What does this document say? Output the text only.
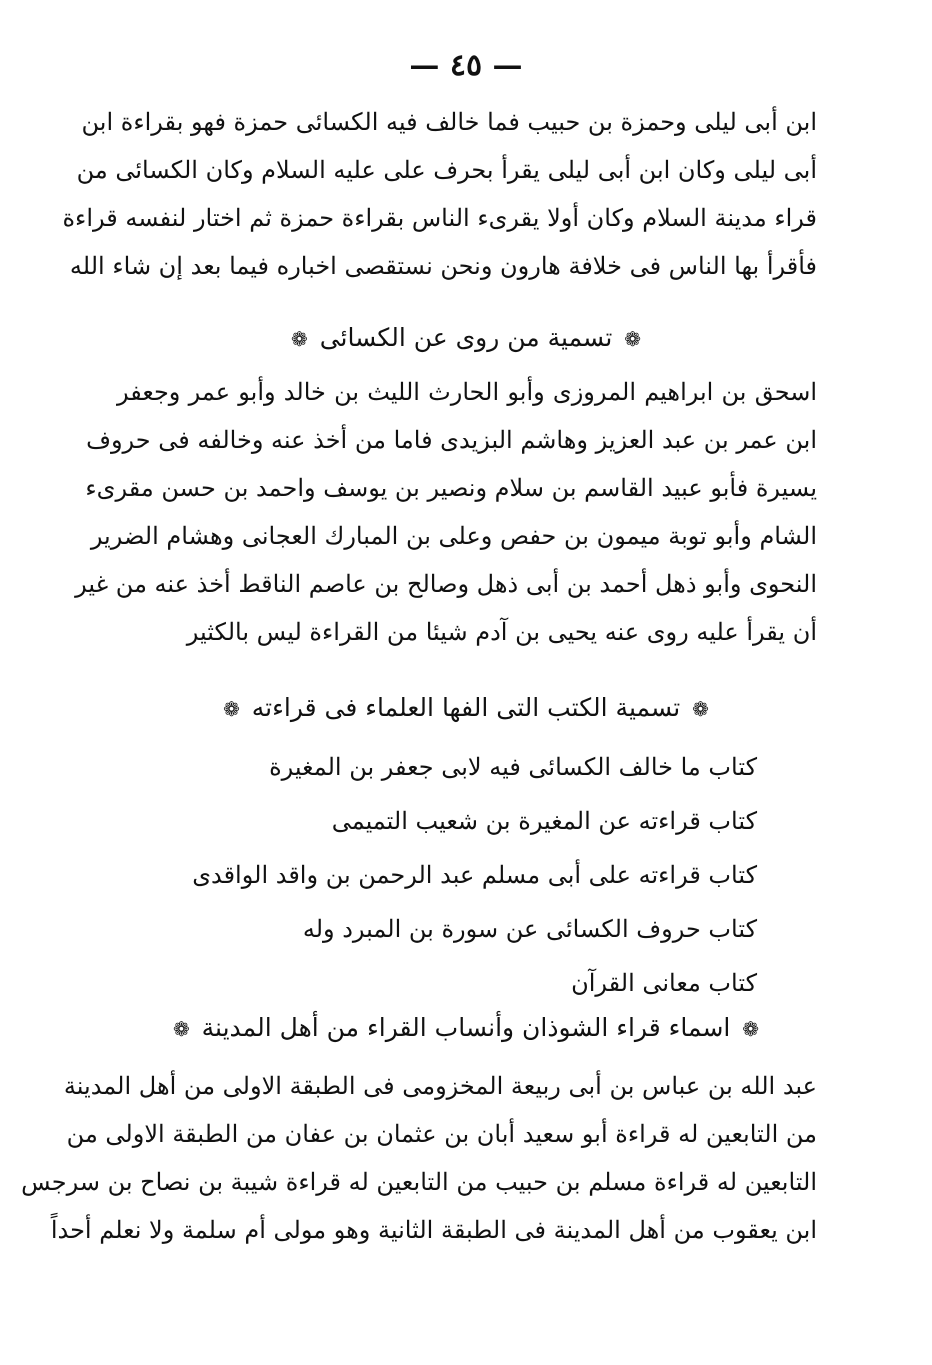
— ٤٥ —
ابن أبى ليلى وحمزة بن حبيب فما خالف فيه الكسائى حمزة فهو بقراءة ابن
أبى ليلى وكان ابن أبى ليلى يقرأ بحرف على عليه السلام وكان الكسائى من
قراء مدينة السلام وكان أولا يقرىء الناس بقراءة حمزة ثم اختار لنفسه قراءة
فأقرأ بها الناس فى خلافة هارون ونحن نستقصى اخباره فيما بعد إن شاء الله
❁ تسمية من روى عن الكسائى ❁
اسحق بن ابراهيم المروزى وأبو الحارث الليث بن خالد وأبو عمر وجعفر
ابن عمر بن عبد العزيز وهاشم البزيدى فاما من أخذ عنه وخالفه فى حروف
يسيرة فأبو عبيد القاسم بن سلام ونصير بن يوسف واحمد بن حسن مقرىء
الشام وأبو توبة ميمون بن حفص وعلى بن المبارك العجانى وهشام الضرير
النحوى وأبو ذهل أحمد بن أبى ذهل وصالح بن عاصم الناقط أخذ عنه من غير
أن يقرأ عليه روى عنه يحيى بن آدم شيئا من القراءة ليس بالكثير
❁ تسمية الكتب التى الفها العلماء فى قراءته ❁
كتاب ما خالف الكسائى فيه لابى جعفر بن المغيرة
كتاب قراءته عن المغيرة بن شعيب التميمى
كتاب قراءته على أبى مسلم عبد الرحمن بن واقد الواقدى
كتاب حروف الكسائى عن سورة بن المبرد وله
كتاب معانى القرآن
❁ اسماء قراء الشوذان وأنساب القراء من أهل المدينة ❁
عبد الله بن عباس بن أبى ربيعة المخزومى فى الطبقة الاولى من أهل المدينة
من التابعين له قراءة أبو سعيد أبان بن عثمان بن عفان من الطبقة الاولى من
التابعين له قراءة مسلم بن حبيب من التابعين له قراءة شيبة بن نصاح بن سرجس
ابن يعقوب من أهل المدينة فى الطبقة الثانية وهو مولى أم سلمة ولا نعلم أحداً
